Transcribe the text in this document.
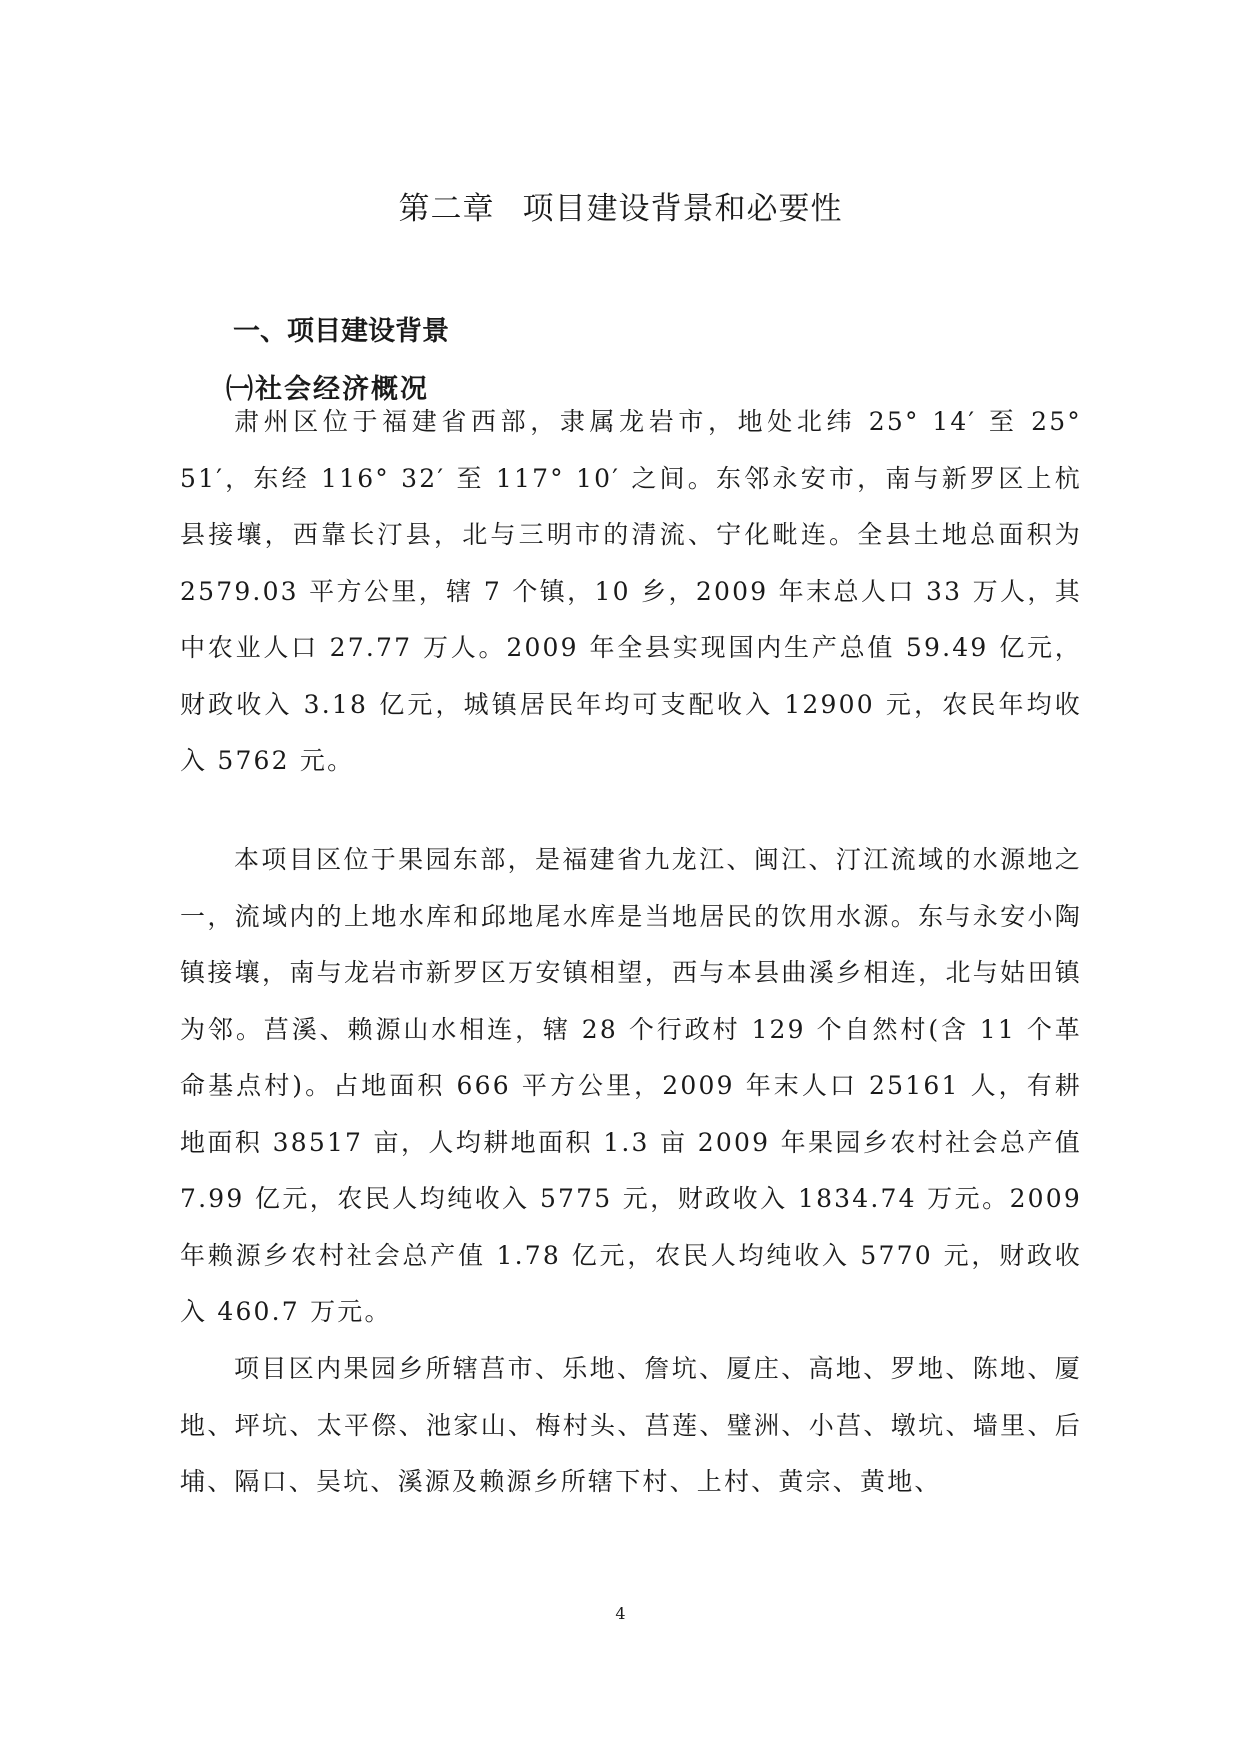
第二章 项目建设背景和必要性
一、项目建设背景
㈠社会经济概况

肃州区位于福建省西部，隶属龙岩市，地处北纬 25° 14′ 至 25° 51′，东经 116° 32′ 至 117° 10′ 之间。东邻永安市，南与新罗区上杭县接壤，西靠长汀县，北与三明市的清流、宁化毗连。全县土地总面积为 2579.03 平方公里，辖 7 个镇，10 乡，2009 年末总人口 33 万人，其中农业人口 27.77 万人。2009 年全县实现国内生产总值 59.49 亿元，财政收入 3.18 亿元，城镇居民年均可支配收入 12900 元，农民年均收入 5762 元。

本项目区位于果园东部，是福建省九龙江、闽江、汀江流域的水源地之一，流域内的上地水库和邱地尾水库是当地居民的饮用水源。东与永安小陶镇接壤，南与龙岩市新罗区万安镇相望，西与本县曲溪乡相连，北与姑田镇为邻。莒溪、赖源山水相连，辖 28 个行政村 129 个自然村(含 11 个革命基点村)。占地面积 666 平方公里，2009 年末人口 25161 人，有耕地面积 38517 亩，人均耕地面积 1.3 亩 2009 年果园乡农村社会总产值 7.99 亿元，农民人均纯收入 5775 元，财政收入 1834.74 万元。2009 年赖源乡农村社会总产值 1.78 亿元，农民人均纯收入 5770 元，财政收入 460.7 万元。

项目区内果园乡所辖莒市、乐地、詹坑、厦庄、高地、罗地、陈地、厦地、坪坑、太平傺、池家山、梅村头、莒莲、璧洲、小莒、墩坑、墙里、后埔、隔口、吴坑、溪源及赖源乡所辖下村、上村、黄宗、黄地、

4
